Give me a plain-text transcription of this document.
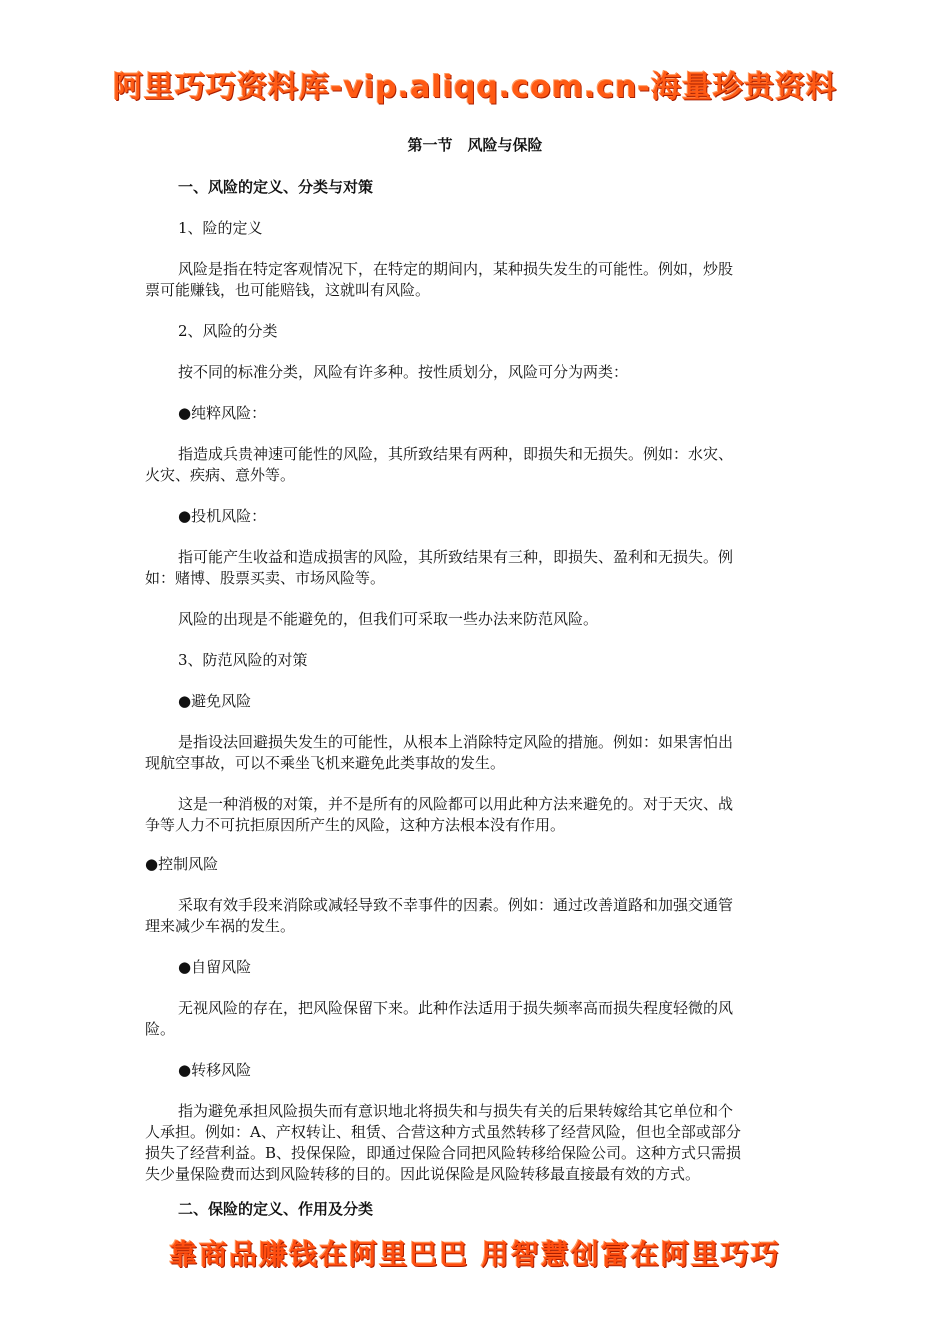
阿里巧巧资料库-vip.aliqq.com.cn-海量珍贵资料
第一节　风险与保险
一、风险的定义、分类与对策
1、险的定义
风险是指在特定客观情况下，在特定的期间内，某种损失发生的可能性。例如，炒股
票可能赚钱，也可能赔钱，这就叫有风险。
2、风险的分类
按不同的标准分类，风险有许多种。按性质划分，风险可分为两类：
●纯粹风险：
指造成兵贵神速可能性的风险，其所致结果有两种，即损失和无损失。例如：水灾、
火灾、疾病、意外等。
●投机风险：
指可能产生收益和造成损害的风险，其所致结果有三种，即损失、盈利和无损失。例
如：赌博、股票买卖、市场风险等。
风险的出现是不能避免的，但我们可采取一些办法来防范风险。
3、防范风险的对策
●避免风险
是指设法回避损失发生的可能性，从根本上消除特定风险的措施。例如：如果害怕出
现航空事故，可以不乘坐飞机来避免此类事故的发生。
这是一种消极的对策，并不是所有的风险都可以用此种方法来避免的。对于天灾、战
争等人力不可抗拒原因所产生的风险，这种方法根本没有作用。
●控制风险
采取有效手段来消除或减轻导致不幸事件的因素。例如：通过改善道路和加强交通管
理来减少车祸的发生。
●自留风险
无视风险的存在，把风险保留下来。此种作法适用于损失频率高而损失程度轻微的风
险。
●转移风险
指为避免承担风险损失而有意识地北将损失和与损失有关的后果转嫁给其它单位和个
人承担。例如：A、产权转让、租赁、合营这种方式虽然转移了经营风险，但也全部或部分
损失了经营利益。B、投保保险，即通过保险合同把风险转移给保险公司。这种方式只需损
失少量保险费而达到风险转移的目的。因此说保险是风险转移最直接最有效的方式。
二、保险的定义、作用及分类
靠商品赚钱在阿里巴巴 用智慧创富在阿里巧巧
